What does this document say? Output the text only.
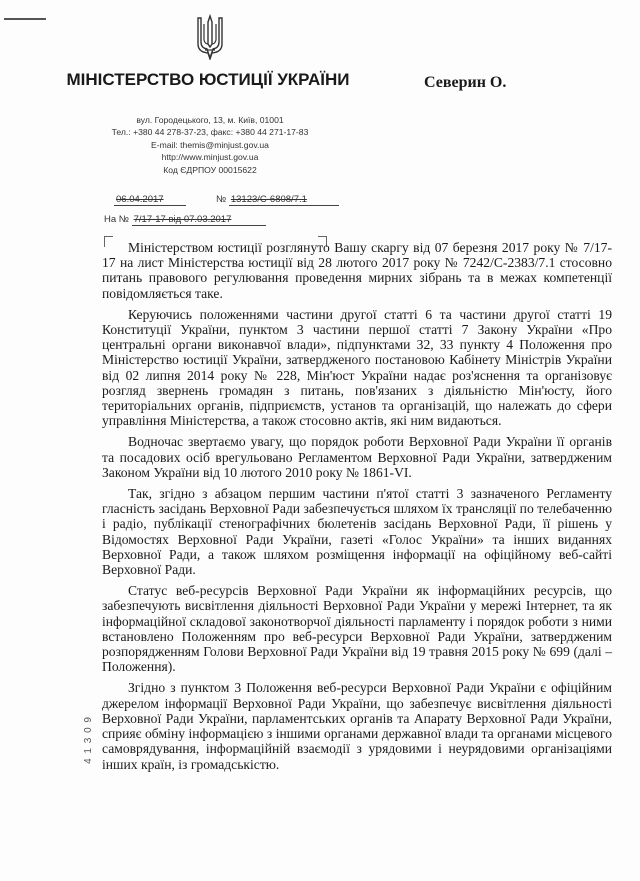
МІНІСТЕРСТВО ЮСТИЦІЇ УКРАЇНИ	Северин О.
вул. Городецького, 13, м. Київ, 01001
Тел.: +380 44 278-37-23, факс: +380 44 271-17-83
E-mail: themis@minjust.gov.ua
http://www.minjust.gov.ua
Код ЄДРПОУ 00015622
06.04.2017	№ 13123/С-6808/7.1
На № 7/17-17 від 07.03.2017

Міністерством юстиції розглянуто Вашу скаргу від 07 березня 2017 року № 7/17-17 на лист Міністерства юстиції від 28 лютого 2017 року № 7242/С-2383/7.1 стосовно питань правового регулювання проведення мирних зібрань та в межах компетенції повідомляється таке.

Керуючись положеннями частини другої статті 6 та частини другої статті 19 Конституції України, пунктом 3 частини першої статті 7 Закону України «Про центральні органи виконавчої влади», підпунктами 32, 33 пункту 4 Положення про Міністерство юстиції України, затвердженого постановою Кабінету Міністрів України від 02 липня 2014 року № 228, Мін'юст України надає роз'яснення та організовує розгляд звернень громадян з питань, пов'язаних з діяльністю Мін'юсту, його територіальних органів, підприємств, установ та організацій, що належать до сфери управління Міністерства, а також стосовно актів, які ним видаються.

Водночас звертаємо увагу, що порядок роботи Верховної Ради України її органів та посадових осіб врегульовано Регламентом Верховної Ради України, затвердженим Законом України від 10 лютого 2010 року № 1861-VI.

Так, згідно з абзацом першим частини п'ятої статті 3 зазначеного Регламенту гласність засідань Верховної Ради забезпечується шляхом їх трансляції по телебаченню і радіо, публікації стенографічних бюлетенів засідань Верховної Ради, її рішень у Відомостях Верховної Ради України, газеті «Голос України» та інших виданнях Верховної Ради, а також шляхом розміщення інформації на офіційному веб-сайті Верховної Ради.

Статус веб-ресурсів Верховної Ради України як інформаційних ресурсів, що забезпечують висвітлення діяльності Верховної Ради України у мережі Інтернет, та як інформаційної складової законотворчої діяльності парламенту і порядок роботи з ними встановлено Положенням про веб-ресурси Верховної Ради України, затвердженим розпорядженням Голови Верховної Ради України від 19 травня 2015 року № 699 (далі – Положення).

Згідно з пунктом 3 Положення веб-ресурси Верховної Ради України є офіційним джерелом інформації Верховної Ради України, що забезпечує висвітлення діяльності Верховної Ради України, парламентських органів та Апарату Верховної Ради України, сприяє обміну інформацією з іншими органами державної влади та органами місцевого самоврядування, інформаційній взаємодії з урядовими і неурядовими організаціями інших країн, із громадськістю.

4 1 3 0 9
